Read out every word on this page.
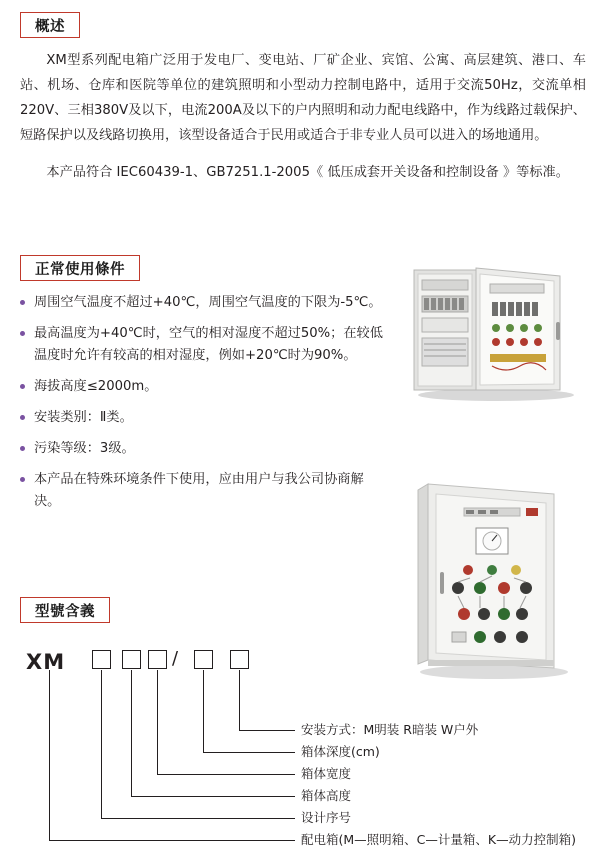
概述

XM型系列配电箱广泛用于发电厂、变电站、厂矿企业、宾馆、公寓、高层建筑、港口、车站、机场、仓库和医院等单位的建筑照明和小型动力控制电路中，适用于交流50Hz，交流单相220V、三相380V及以下，电流200A及以下的户内照明和动力配电线路中，作为线路过载保护、短路保护以及线路切换用，该型设备适合于民用或适合于非专业人员可以进入的场地通用。

本产品符合 IEC60439-1、GB7251.1-2005《 低压成套开关设备和控制设备 》等标准。

正常使用條件
周围空气温度不超过+40℃，周围空气温度的下限为-5℃。
最高温度为+40℃时，空气的相对湿度不超过50%；在较低温度时允许有较高的相对湿度，例如+20℃时为90%。
海拔高度≤2000m。
安装类别：Ⅱ类。
污染等级：3级。
本产品在特殊环境条件下使用，应由用户与我公司协商解决。
型號含義
XM	/
安装方式：M明装 R暗装 W户外
箱体深度(cm)
箱体宽度
箱体高度
设计序号
配电箱(M—照明箱、C—计量箱、K—动力控制箱)
